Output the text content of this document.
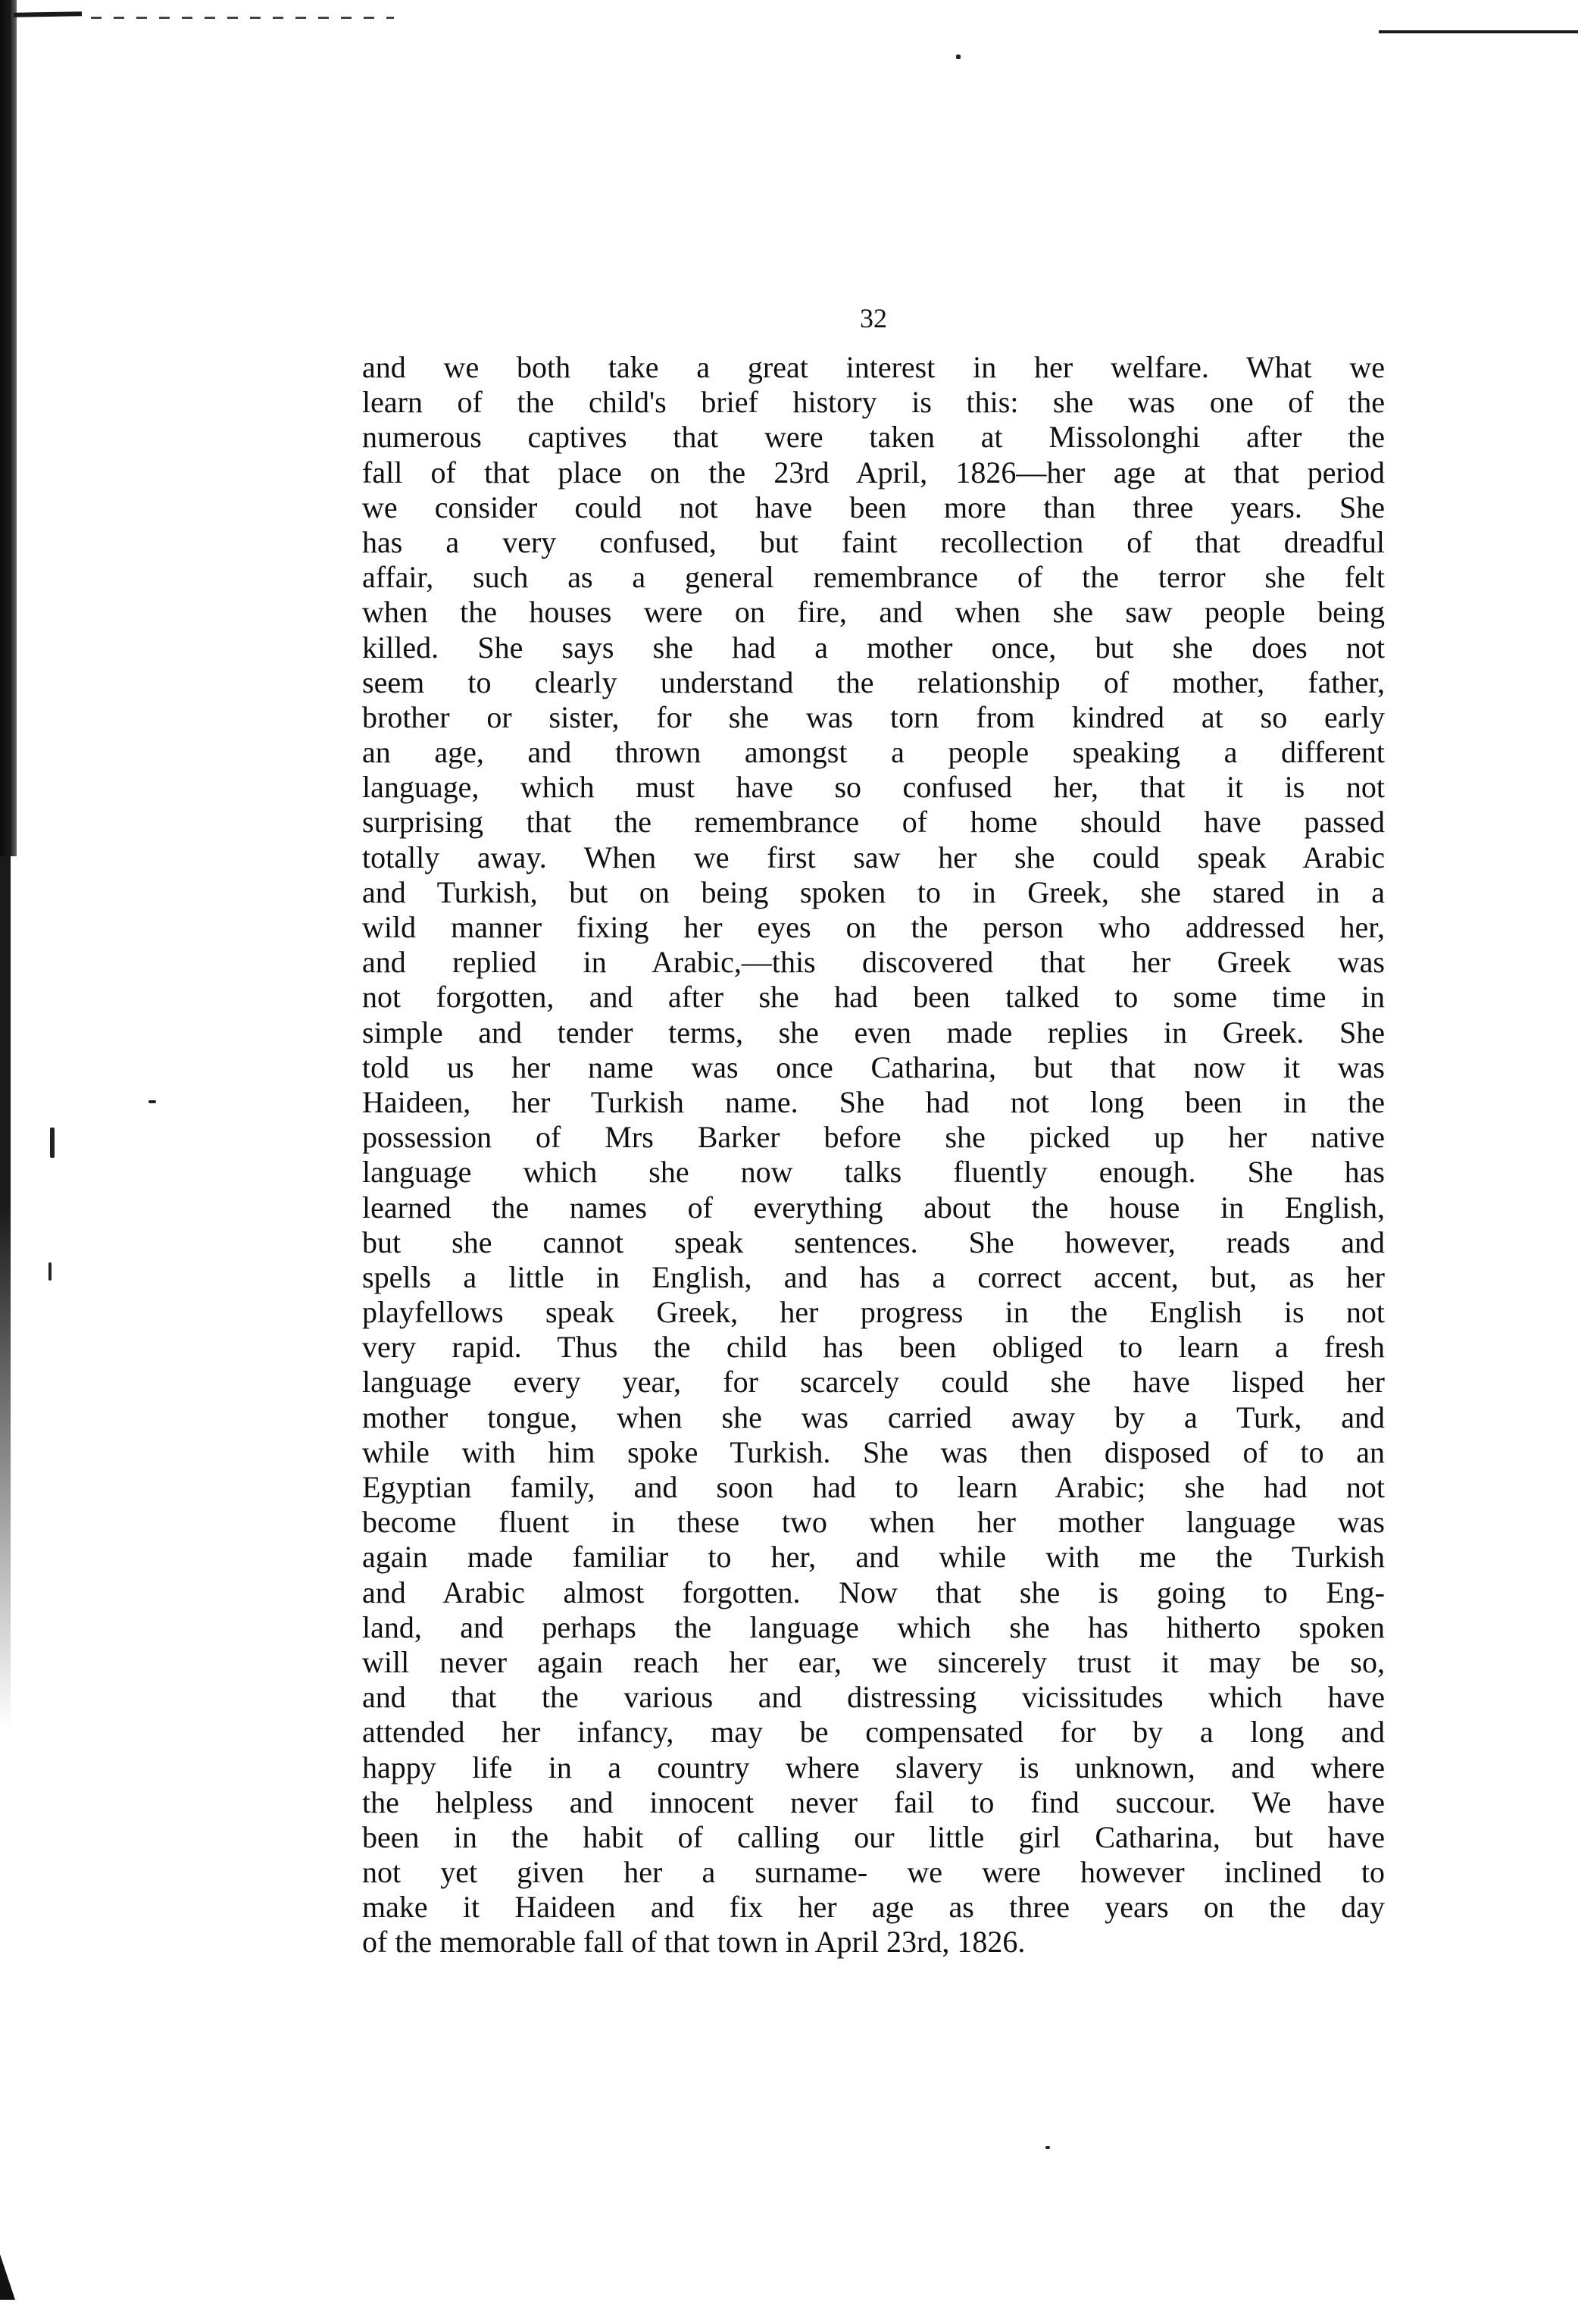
32
and we both take a great interest in her welfare. What we
learn of the child's brief history is this: she was one of the
numerous captives that were taken at Missolonghi after the
fall of that place on the 23rd April, 1826—her age at that period
we consider could not have been more than three years. She
has a very confused, but faint recollection of that dreadful
affair, such as a general remembrance of the terror she felt
when the houses were on fire, and when she saw people being
killed. She says she had a mother once, but she does not
seem to clearly understand the relationship of mother, father,
brother or sister, for she was torn from kindred at so early
an age, and thrown amongst a people speaking a different
language, which must have so confused her, that it is not
surprising that the remembrance of home should have passed
totally away. When we first saw her she could speak Arabic
and Turkish, but on being spoken to in Greek, she stared in a
wild manner fixing her eyes on the person who addressed her,
and replied in Arabic,—this discovered that her Greek was
not forgotten, and after she had been talked to some time in
simple and tender terms, she even made replies in Greek. She
told us her name was once Catharina, but that now it was
Haideen, her Turkish name. She had not long been in the
possession of Mrs Barker before she picked up her native
language which she now talks fluently enough. She has
learned the names of everything about the house in English,
but she cannot speak sentences. She however, reads and
spells a little in English, and has a correct accent, but, as her
playfellows speak Greek, her progress in the English is not
very rapid. Thus the child has been obliged to learn a fresh
language every year, for scarcely could she have lisped her
mother tongue, when she was carried away by a Turk, and
while with him spoke Turkish. She was then disposed of to an
Egyptian family, and soon had to learn Arabic; she had not
become fluent in these two when her mother language was
again made familiar to her, and while with me the Turkish
and Arabic almost forgotten. Now that she is going to Eng-
land, and perhaps the language which she has hitherto spoken
will never again reach her ear, we sincerely trust it may be so,
and that the various and distressing vicissitudes which have
attended her infancy, may be compensated for by a long and
happy life in a country where slavery is unknown, and where
the helpless and innocent never fail to find succour. We have
been in the habit of calling our little girl Catharina, but have
not yet given her a surname- we were however inclined to
make it Haideen and fix her age as three years on the day
of the memorable fall of that town in April 23rd, 1826.
